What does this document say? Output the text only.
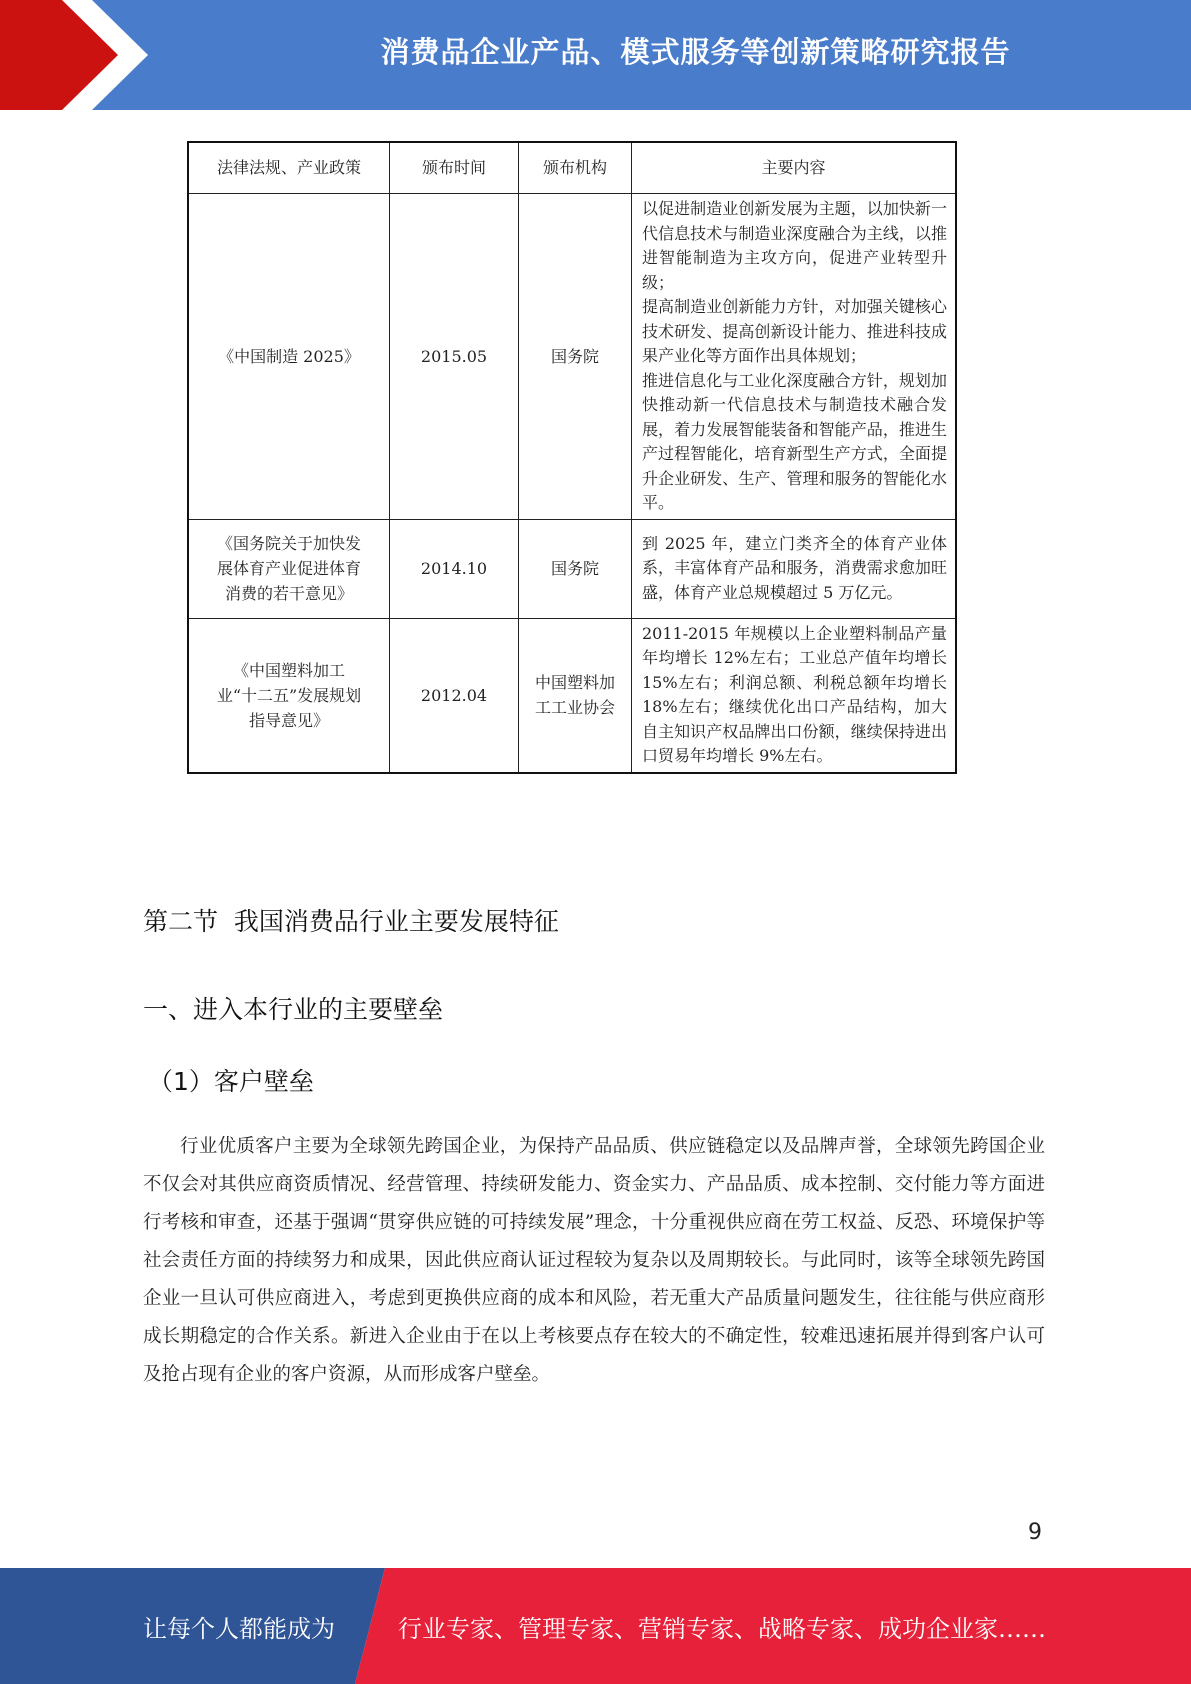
消费品企业产品、模式服务等创新策略研究报告
法律法规、产业政策	颁布时间	颁布机构	主要内容
《中国制造 2025》	2015.05	国务院	以促进制造业创新发展为主题，以加快新一代信息技术与制造业深度融合为主线，以推进智能制造为主攻方向，促进产业转型升级；
提高制造业创新能力方针，对加强关键核心技术研发、提高创新设计能力、推进科技成果产业化等方面作出具体规划；
推进信息化与工业化深度融合方针，规划加快推动新一代信息技术与制造技术融合发展，着力发展智能装备和智能产品，推进生产过程智能化，培育新型生产方式，全面提升企业研发、生产、管理和服务的智能化水平。

《国务院关于加快发展体育产业促进体育消费的若干意见》	2014.10	国务院	到 2025 年，建立门类齐全的体育产业体系，丰富体育产品和服务，消费需求愈加旺盛，体育产业总规模超过 5 万亿元。

《中国塑料加工业“十二五”发展规划指导意见》	2012.04	中国塑料加工工业协会	2011-2015 年规模以上企业塑料制品产量年均增长 12%左右；工业总产值年均增长 15%左右；利润总额、利税总额年均增长 18%左右；继续优化出口产品结构，加大自主知识产权品牌出口份额，继续保持进出口贸易年均增长 9%左右。
第二节  我国消费品行业主要发展特征
一、进入本行业的主要壁垒
（1）客户壁垒

行业优质客户主要为全球领先跨国企业，为保持产品品质、供应链稳定以及品牌声誉，全球领先跨国企业不仅会对其供应商资质情况、经营管理、持续研发能力、资金实力、产品品质、成本控制、交付能力等方面进行考核和审查，还基于强调“贯穿供应链的可持续发展”理念，十分重视供应商在劳工权益、反恐、环境保护等社会责任方面的持续努力和成果，因此供应商认证过程较为复杂以及周期较长。与此同时，该等全球领先跨国企业一旦认可供应商进入，考虑到更换供应商的成本和风险，若无重大产品质量问题发生，往往能与供应商形成长期稳定的合作关系。新进入企业由于在以上考核要点存在较大的不确定性，较难迅速拓展并得到客户认可及抢占现有企业的客户资源，从而形成客户壁垒。

9
让每个人都能成为	行业专家、管理专家、营销专家、战略专家、成功企业家……
